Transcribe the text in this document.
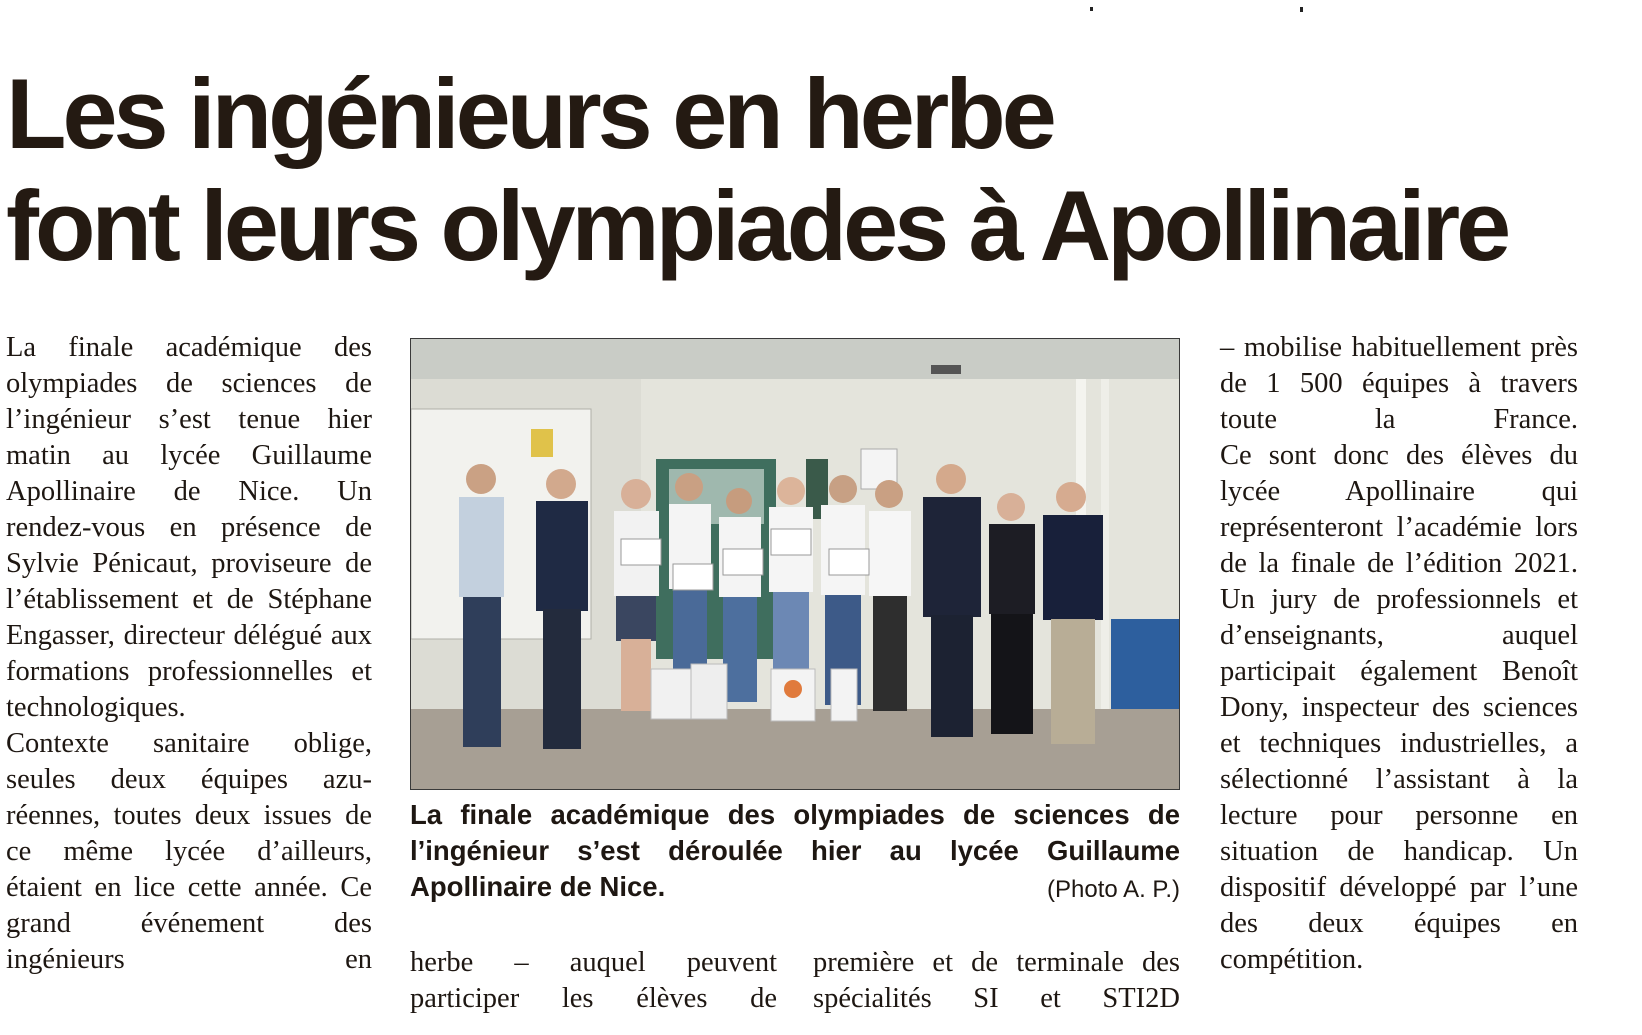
Les ingénieurs en herbe
font leurs olympiades à Apollinaire

La finale académique des olympiades de sciences de l’ingénieur s’est tenue hier matin au lycée Guillaume Apollinaire de Nice. Un rendez-vous en présence de Sylvie Pénicaut, proviseure de l’établissement et de Stéphane Engasser, directeur délégué aux formations professionnelles et technologiques.

Contexte sanitaire oblige, seules deux équipes azuréennes, toutes deux issues de ce même lycée d’ailleurs, étaient en lice cette année. Ce grand événement des ingénieurs en

La finale académique des olympiades de sciences de l’ingénieur s’est déroulée hier au lycée Guillaume Apollinaire de Nice.	(Photo A. P.)

herbe – auquel peuvent participer les élèves de

première et de terminale des spécialités SI et STI2D

– mobilise habituellement près de 1 500 équipes à travers toute la France.

Ce sont donc des élèves du lycée Apollinaire qui représenteront l’académie lors de la finale de l’édition 2021. Un jury de professionnels et d’enseignants, auquel participait également Benoît Dony, inspecteur des sciences et techniques industrielles, a sélectionné l’assistant à la lecture pour personne en situation de handicap. Un dispositif développé par l’une des deux équipes en compétition.
